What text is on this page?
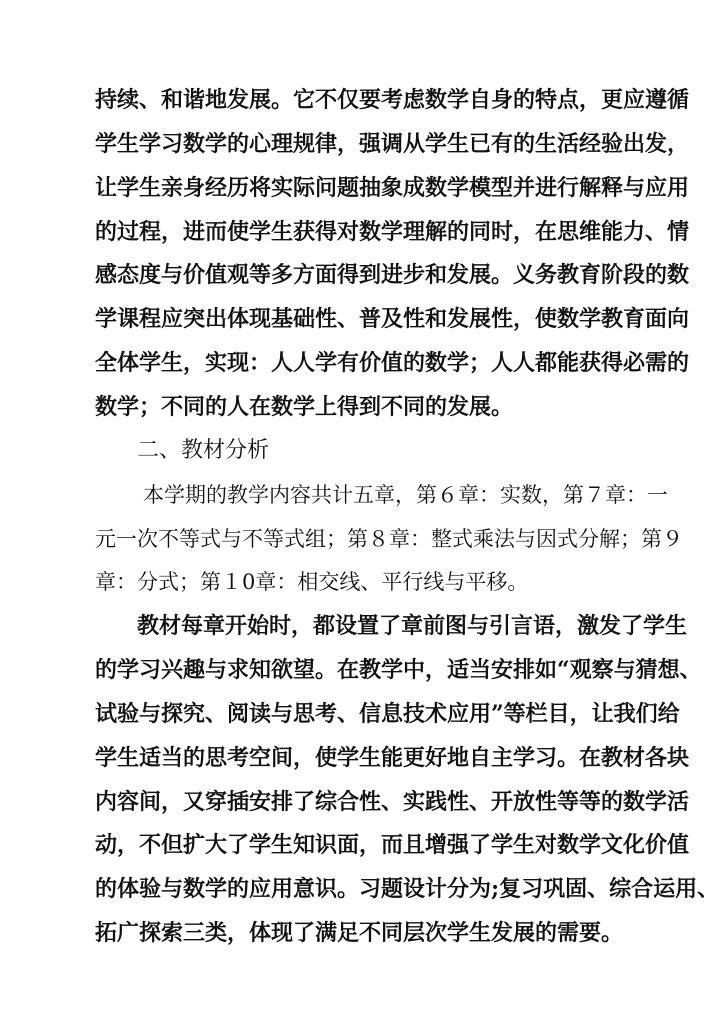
持续、和谐地发展。它不仅要考虑数学自身的特点，更应遵循
学生学习数学的心理规律，强调从学生已有的生活经验出发，
让学生亲身经历将实际问题抽象成数学模型并进行解释与应用
的过程，进而使学生获得对数学理解的同时，在思维能力、情
感态度与价值观等多方面得到进步和发展。义务教育阶段的数
学课程应突出体现基础性、普及性和发展性，使数学教育面向
全体学生，实现：人人学有价值的数学；人人都能获得必需的
数学；不同的人在数学上得到不同的发展。
二、教材分析
本学期的教学内容共计五章，第６章：实数，第７章：一
元一次不等式与不等式组；第８章：整式乘法与因式分解；第９
章：分式；第１0章：相交线、平行线与平移。
教材每章开始时，都设置了章前图与引言语，激发了学生
的学习兴趣与求知欲望。在教学中，适当安排如“观察与猜想、
试验与探究、阅读与思考、信息技术应用”等栏目，让我们给
学生适当的思考空间，使学生能更好地自主学习。在教材各块
内容间，又穿插安排了综合性、实践性、开放性等等的数学活
动，不但扩大了学生知识面，而且增强了学生对数学文化价值
的体验与数学的应用意识。习题设计分为;复习巩固、综合运用、
拓广探索三类，体现了满足不同层次学生发展的需要。
